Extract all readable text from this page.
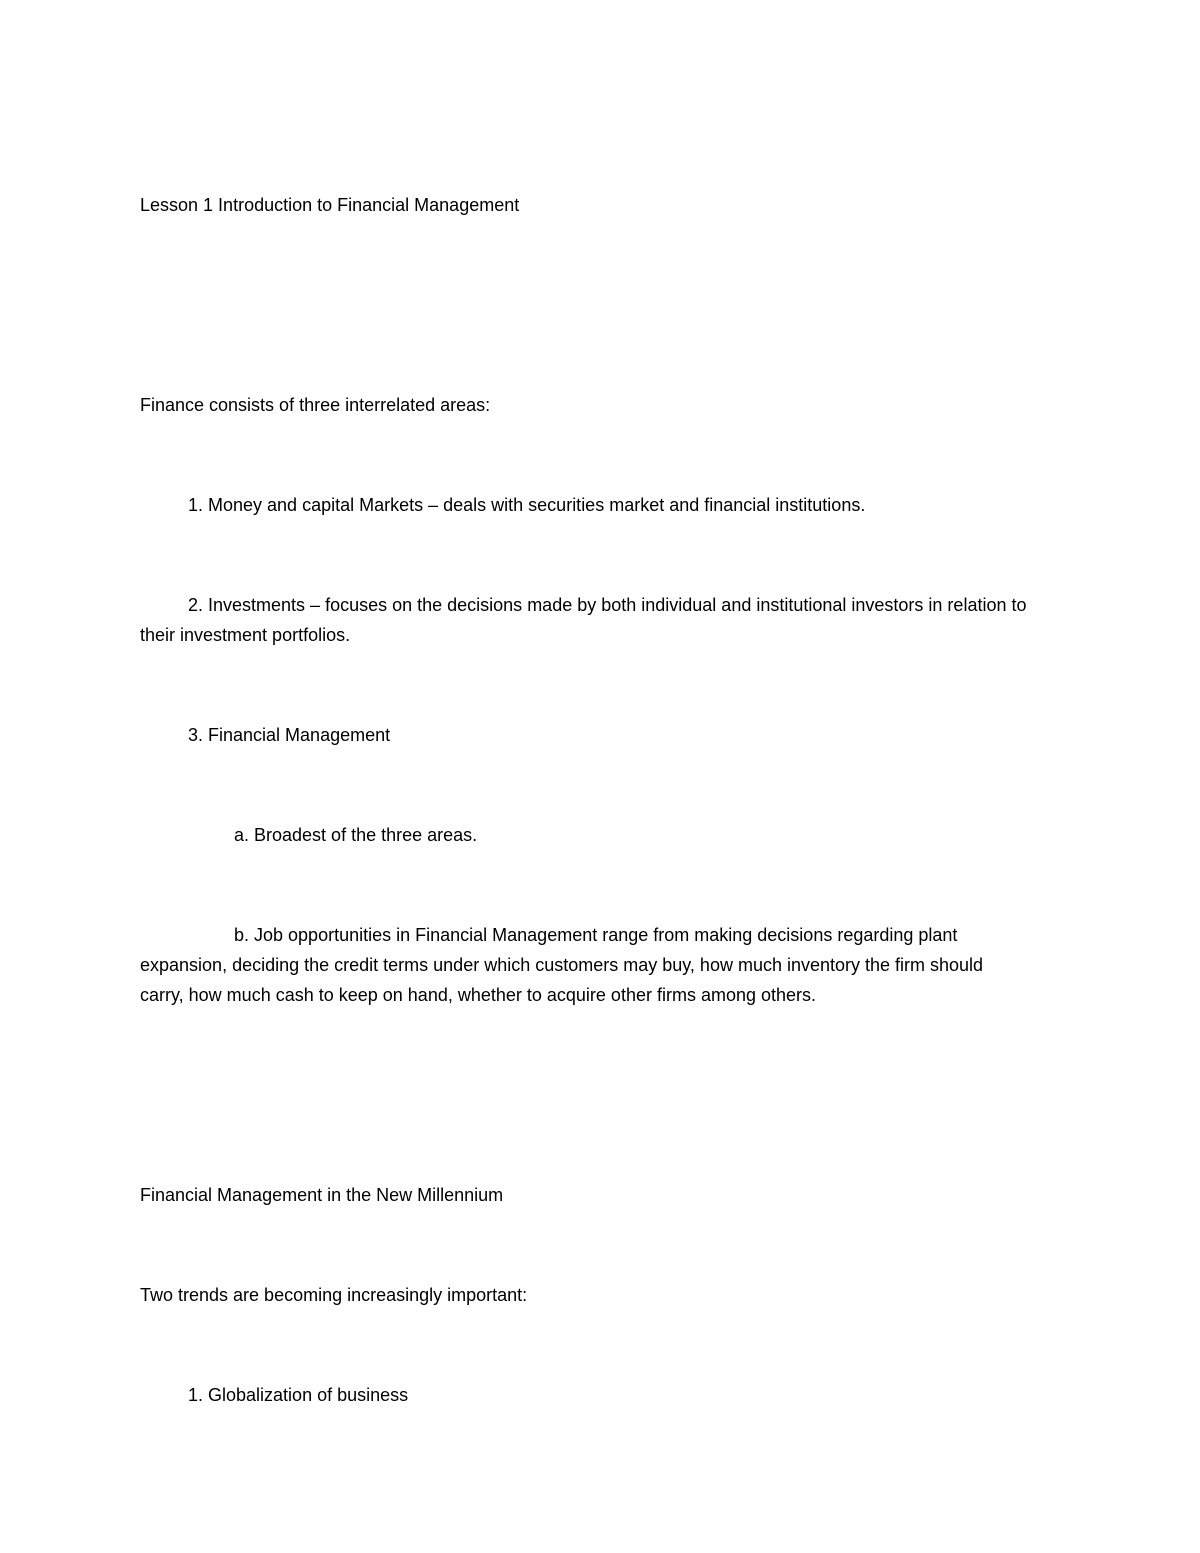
Lesson 1 Introduction to Financial Management
Finance consists of three interrelated areas:
1. Money and capital Markets – deals with securities market and financial institutions.
2. Investments – focuses on the decisions made by both individual and institutional investors in relation to their investment portfolios.
3. Financial Management
a. Broadest of the three areas.
b. Job opportunities in Financial Management range from making decisions regarding plant expansion, deciding the credit terms under which customers may buy, how much inventory the firm should carry, how much cash to keep on hand, whether to acquire other firms among others.
Financial Management in the New Millennium
Two trends are becoming increasingly important:
1. Globalization of business
